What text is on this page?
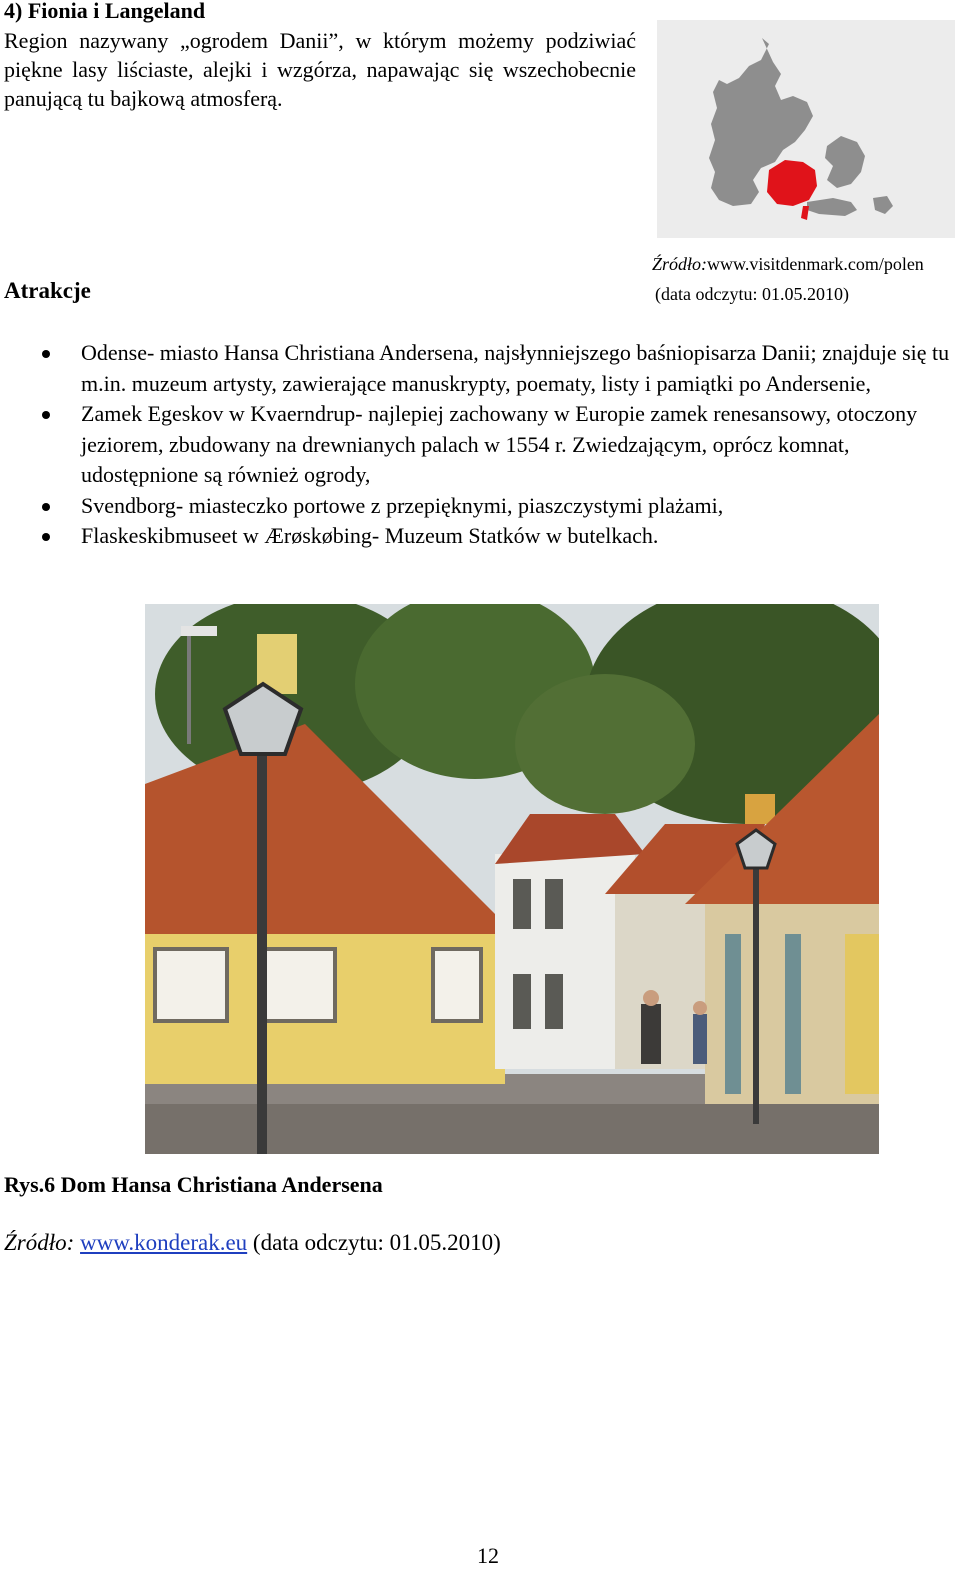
4) Fionia i Langeland
Region nazywany „ogrodem Danii”, w którym możemy podziwiać piękne lasy liściaste, alejki i wzgórza, napawając się wszechobecnie panującą tu bajkową atmosferą.
Źródło:www.visitdenmark.com/polen
(data odczytu: 01.05.2010)
Atrakcje
Odense- miasto Hansa Christiana Andersena, najsłynniejszego baśniopisarza Danii; znajduje się tu m.in. muzeum artysty, zawierające manuskrypty, poematy, listy i pamiątki po Andersenie,
Zamek Egeskov w Kvaerndrup- najlepiej zachowany w Europie zamek renesansowy, otoczony jeziorem, zbudowany na drewnianych palach w 1554 r. Zwiedzającym, oprócz komnat, udostępnione są również ogrody,
Svendborg- miasteczko portowe z przepięknymi, piaszczystymi plażami,
Flaskeskibmuseet w Ærøskøbing- Muzeum Statków w butelkach.
Rys.6 Dom Hansa Christiana Andersena
Źródło: www.konderak.eu (data odczytu: 01.05.2010)
12
